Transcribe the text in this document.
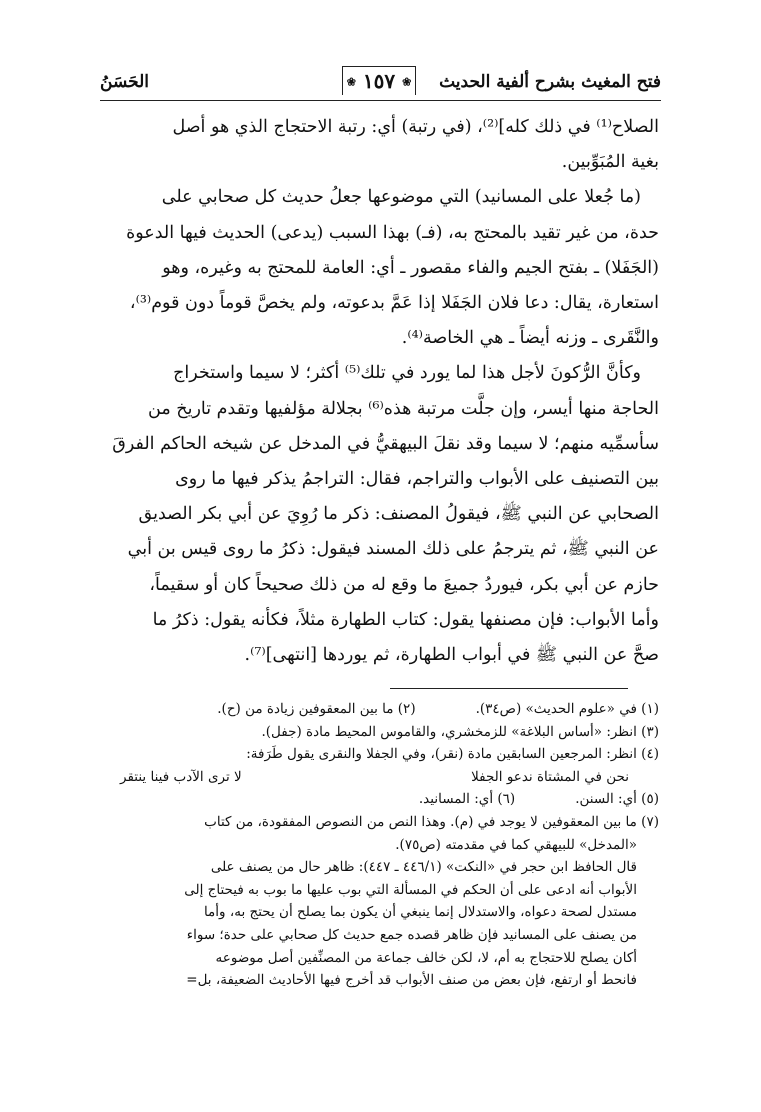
فتح المغيث بشرح ألفية الحديث
❀ ١٥٧ ❀
الحَسَنُ

الصلاح⁽¹⁾ في ذلك كله]⁽²⁾، (في رتبة) أي: رتبة الاحتجاج الذي هو أصل

بغية المُبَوِّبين.

(ما جُعلا على المسانيد) التي موضوعها جعلُ حديث كل صحابي على

حدة، من غير تقيد بالمحتج به، (فـ) بهذا السبب (يدعى) الحديث فيها الدعوة

(الجَفَلا) ـ بفتح الجيم والفاء مقصور ـ أي: العامة للمحتج به وغيره، وهو

استعارة، يقال: دعا فلان الجَفَلا إذا عَمَّ بدعوته، ولم يخصَّ قوماً دون قوم⁽³⁾،

والنَّقَرى ـ وزنه أيضاً ـ هي الخاصة⁽⁴⁾.

وكأنَّ الرُّكونَ لأجل هذا لما يورد في تلك⁽⁵⁾ أكثر؛ لا سيما واستخراج

الحاجة منها أيسر، وإن جلَّت مرتبة هذه⁽⁶⁾ بجلالة مؤلفيها وتقدم تاريخ من

سأسمِّيه منهم؛ لا سيما وقد نقلَ البيهقيُّ في المدخل عن شيخه الحاكم الفرقَ

بين التصنيف على الأبواب والتراجم، فقال: التراجمُ يذكر فيها ما روى

الصحابي عن النبي ﷺ، فيقولُ المصنف: ذكر ما رُوِيَ عن أبي بكر الصديق

عن النبي ﷺ، ثم يترجمُ على ذلك المسند فيقول: ذكرُ ما روى قيس بن أبي

حازم عن أبي بكر، فيوردُ جميعَ ما وقع له من ذلك صحيحاً كان أو سقيماً،

وأما الأبواب: فإن مصنفها يقول: كتاب الطهارة مثلاً، فكأنه يقول: ذكرُ ما

صحَّ عن النبي ﷺ في أبواب الطهارة، ثم يوردها [انتهى]⁽⁷⁾.

(١) في «علوم الحديث» (ص٣٤).
(٢) ما بين المعقوفين زيادة من (ح).

(٣) انظر: «أساس البلاغة» للزمخشري، والقاموس المحيط مادة (جفل).

(٤) انظر: المرجعين السابقين مادة (نقر)، وفي الجفلا والنقرى يقول طَرَفة:

نحن في المشتاة ندعو الجفلا
لا ترى الآدب فينا ينتقر
(٥) أي: السنن.
(٦) أي: المسانيد.

(٧) ما بين المعقوفين لا يوجد في (م). وهذا النص من النصوص المفقودة، من كتاب

«المدخل» للبيهقي كما في مقدمته (ص٧٥).

قال الحافظ ابن حجر في «النكت» (٤٤٦/١ ـ ٤٤٧): ظاهر حال من يصنف على

الأبواب أنه ادعى على أن الحكم في المسألة التي بوب عليها ما بوب به فيحتاج إلى

مستدل لصحة دعواه، والاستدلال إنما ينبغي أن يكون بما يصلح أن يحتج به، وأما

من يصنف على المسانيد فإن ظاهر قصده جمع حديث كل صحابي على حدة؛ سواء

أكان يصلح للاحتجاج به أم، لا، لكن خالف جماعة من المصنِّفين أصل موضوعه

فانحط أو ارتفع، فإن بعض من صنف الأبواب قد أخرج فيها الأحاديث الضعيفة، بل=
